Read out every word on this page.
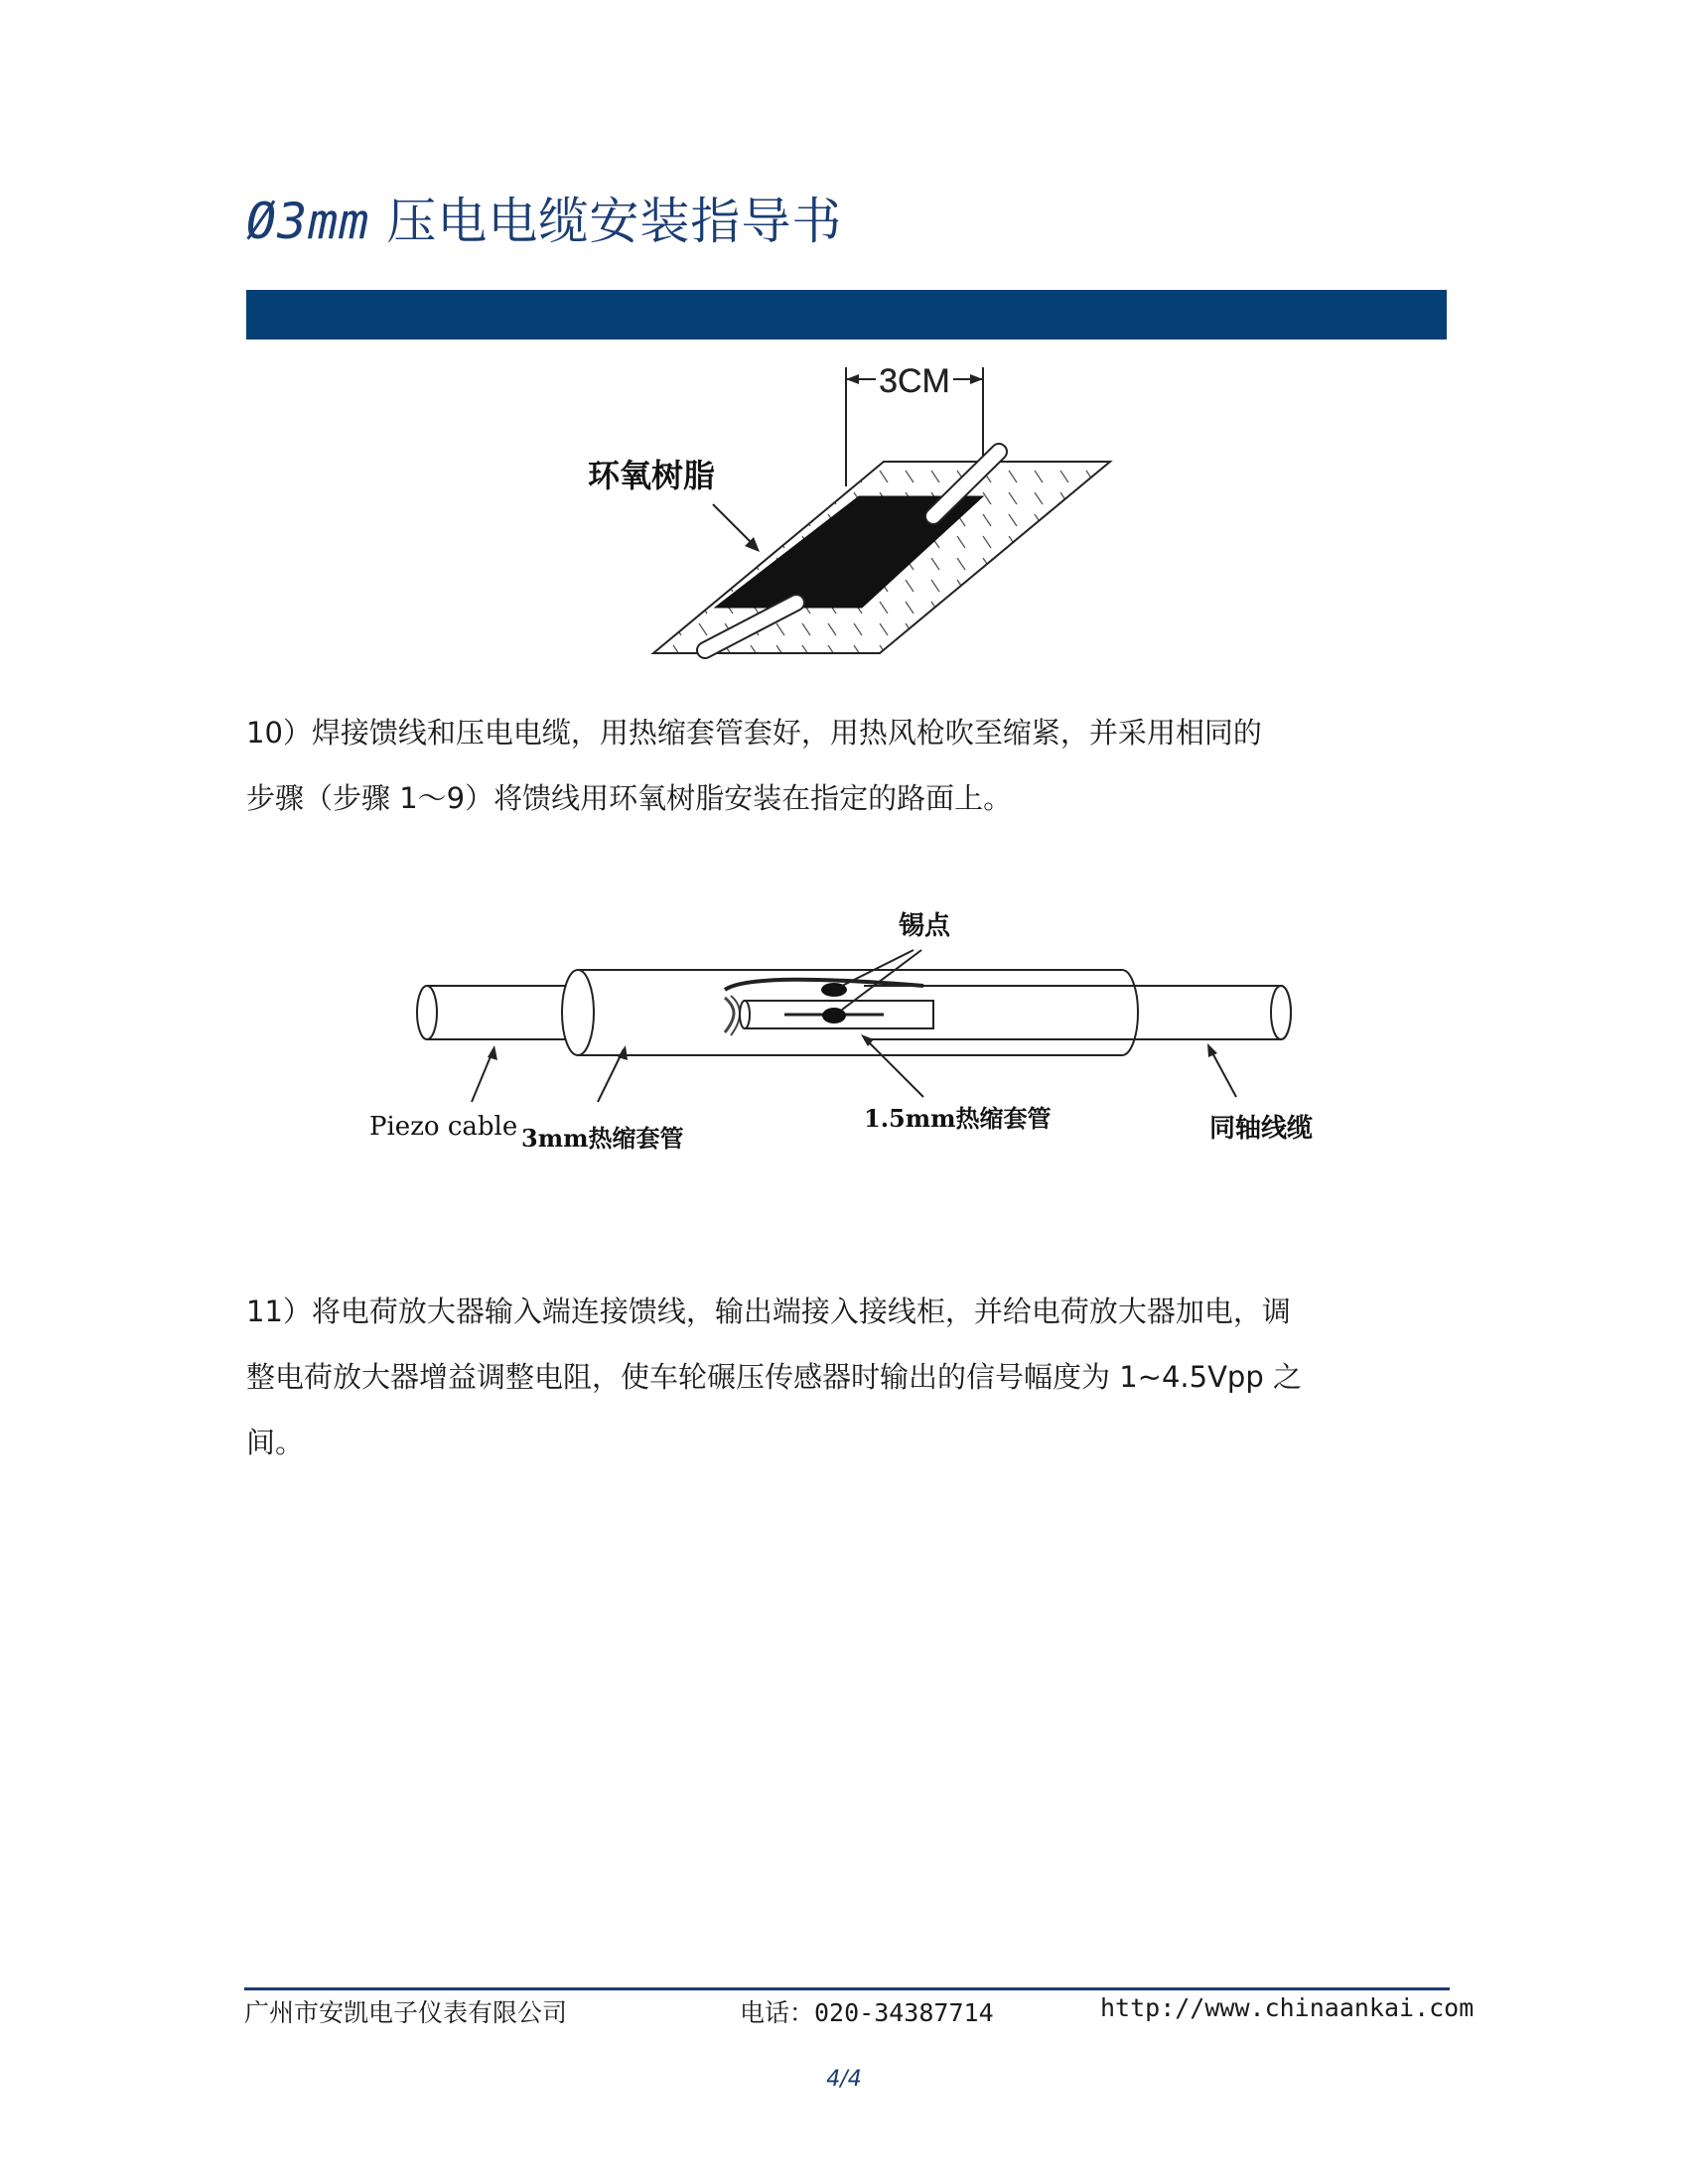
Ø3mm 压电电缆安装指导书
3CM
环氧树脂
10）焊接馈线和压电电缆，用热缩套管套好，用热风枪吹至缩紧，并采用相同的
步骤（步骤 1～9）将馈线用环氧树脂安装在指定的路面上。
锡点
Piezo cable 3mm热缩套管
1.5mm热缩套管	同轴线缆
11）将电荷放大器输入端连接馈线，输出端接入接线柜，并给电荷放大器加电，调
整电荷放大器增益调整电阻，使车轮碾压传感器时输出的信号幅度为 1~4.5Vpp 之
间。
广州市安凯电子仪表有限公司	电话：020-34387714	http://www.chinaankai.com
4/4
